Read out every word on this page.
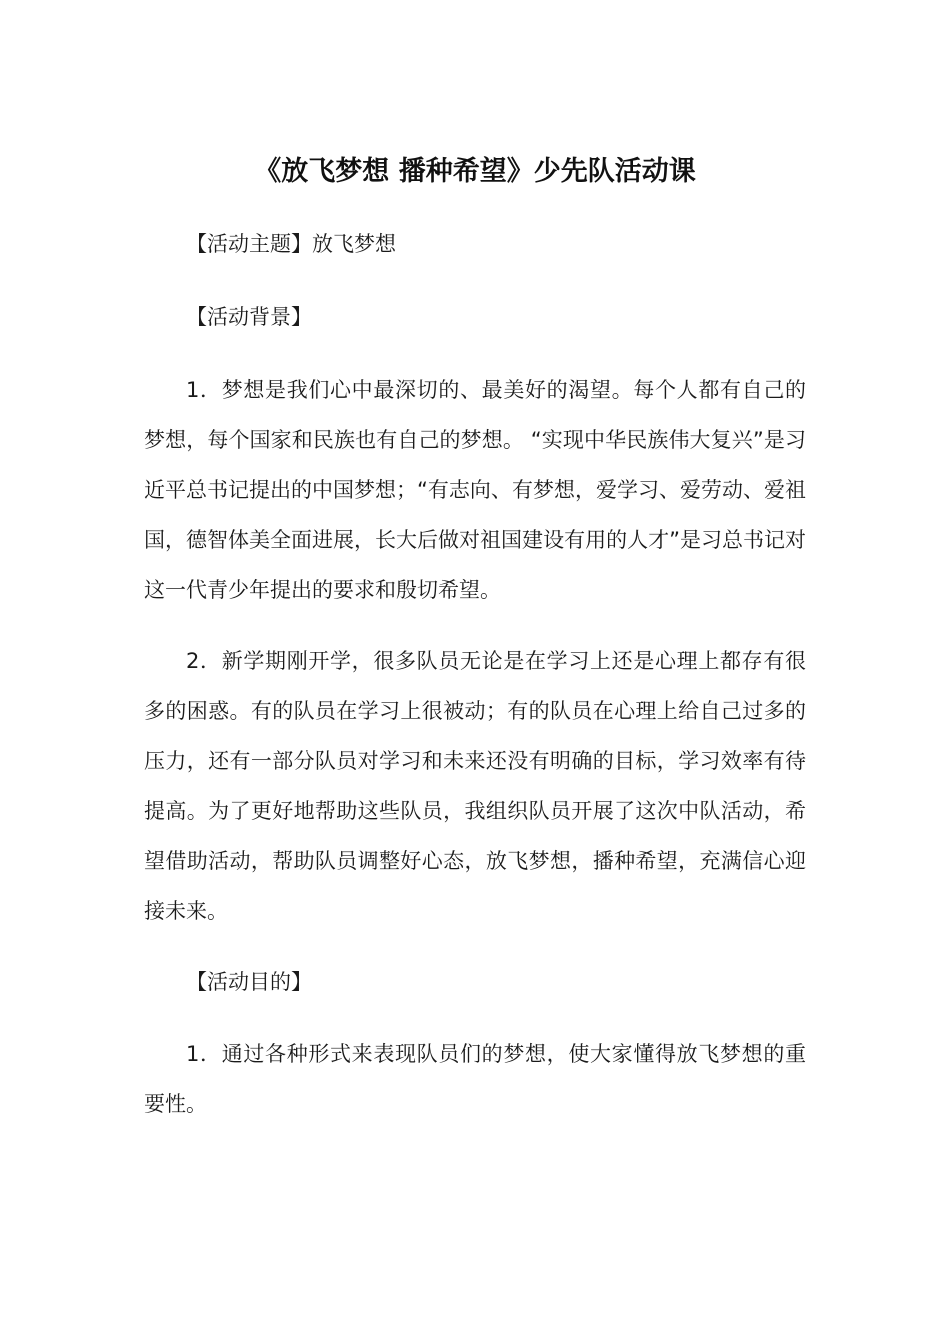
《放飞梦想 播种希望》少先队活动课

【活动主题】放飞梦想

【活动背景】

1．梦想是我们心中最深切的、最美好的渴望。每个人都有自己的梦想，每个国家和民族也有自己的梦想。 “实现中华民族伟大复兴”是习近平总书记提出的中国梦想；“有志向、有梦想，爱学习、爱劳动、爱祖国，德智体美全面进展，长大后做对祖国建设有用的人才”是习总书记对这一代青少年提出的要求和殷切希望。

2．新学期刚开学，很多队员无论是在学习上还是心理上都存有很多的困惑。有的队员在学习上很被动；有的队员在心理上给自己过多的压力，还有一部分队员对学习和未来还没有明确的目标，学习效率有待提高。为了更好地帮助这些队员，我组织队员开展了这次中队活动，希望借助活动，帮助队员调整好心态，放飞梦想，播种希望，充满信心迎接未来。

【活动目的】

1．通过各种形式来表现队员们的梦想，使大家懂得放飞梦想的重要性。
